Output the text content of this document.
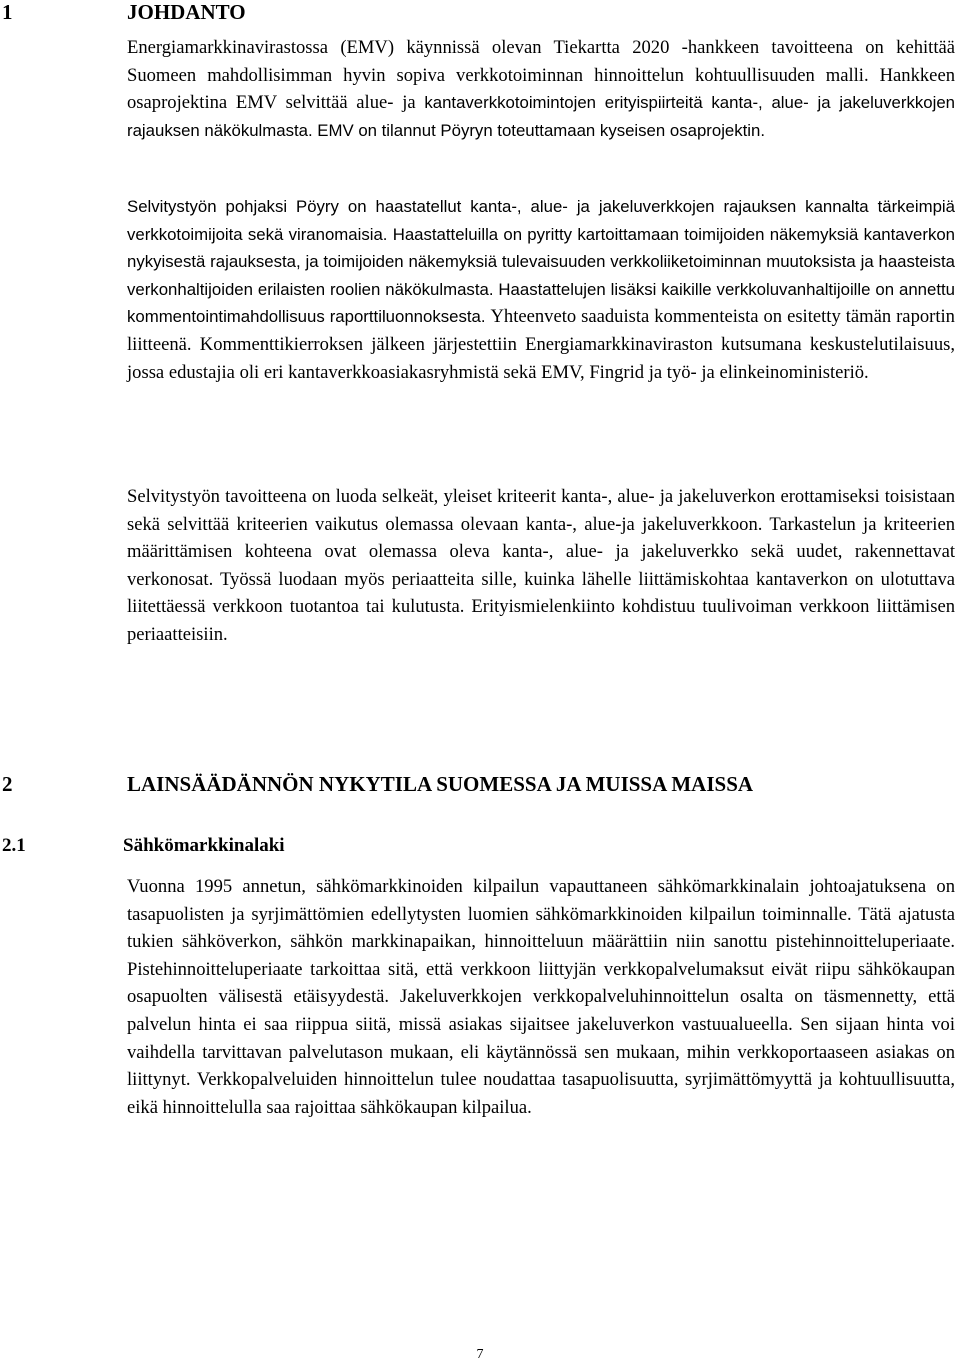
1	JOHDANTO

Energiamarkkinavirastossa (EMV) käynnissä olevan Tiekartta 2020 -hankkeen tavoitteena on kehittää Suomeen mahdollisimman hyvin sopiva verkkotoiminnan hinnoittelun kohtuullisuuden malli. Hankkeen osaprojektina EMV selvittää alue- ja kantaverkkotoimintojen erityispiirteitä kanta-, alue- ja jakeluverkkojen rajauksen näkökulmasta. EMV on tilannut Pöyryn toteuttamaan kyseisen osaprojektin.

Selvitystyön pohjaksi Pöyry on haastatellut kanta-, alue- ja jakeluverkkojen rajauksen kannalta tärkeimpiä verkkotoimijoita sekä viranomaisia. Haastatteluilla on pyritty kartoittamaan toimijoiden näkemyksiä kantaverkon nykyisestä rajauksesta, ja toimijoiden näkemyksiä tulevaisuuden verkkoliiketoiminnan muutoksista ja haasteista verkonhaltijoiden erilaisten roolien näkökulmasta. Haastattelujen lisäksi kaikille verkkoluvanhaltijoille on annettu kommentointimahdollisuus raporttiluonnoksesta. Yhteenveto saaduista kommenteista on esitetty tämän raportin liitteenä. Kommenttikierroksen jälkeen järjestettiin Energiamarkkinaviraston kutsumana keskustelutilaisuus, jossa edustajia oli eri kantaverkkoasiakasryhmistä sekä EMV, Fingrid ja työ- ja elinkeinoministeriö.

Selvitystyön tavoitteena on luoda selkeät, yleiset kriteerit kanta-, alue- ja jakeluverkon erottamiseksi toisistaan sekä selvittää kriteerien vaikutus olemassa olevaan kanta-, alue-ja jakeluverkkoon. Tarkastelun ja kriteerien määrittämisen kohteena ovat olemassa oleva kanta-, alue- ja jakeluverkko sekä uudet, rakennettavat verkonosat. Työssä luodaan myös periaatteita sille, kuinka lähelle liittämiskohtaa kantaverkon on ulotuttava liitettäessä verkkoon tuotantoa tai kulutusta. Erityismielenkiinto kohdistuu tuulivoiman verkkoon liittämisen periaatteisiin.

2	LAINSÄÄDÄNNÖN NYKYTILA SUOMESSA JA MUISSA MAISSA
2.1	Sähkömarkkinalaki

Vuonna 1995 annetun, sähkömarkkinoiden kilpailun vapauttaneen sähkömarkkinalain johtoajatuksena on tasapuolisten ja syrjimättömien edellytysten luomien sähkömarkkinoiden kilpailun toiminnalle. Tätä ajatusta tukien sähköverkon, sähkön markkinapaikan, hinnoitteluun määrättiin niin sanottu pistehinnoitteluperiaate. Pistehinnoitteluperiaate tarkoittaa sitä, että verkkoon liittyjän verkkopalvelumaksut eivät riipu sähkökaupan osapuolten välisestä etäisyydestä. Jakeluverkkojen verkkopalveluhinnoittelun osalta on täsmennetty, että palvelun hinta ei saa riippua siitä, missä asiakas sijaitsee jakeluverkon vastuualueella. Sen sijaan hinta voi vaihdella tarvittavan palvelutason mukaan, eli käytännössä sen mukaan, mihin verkkoportaaseen asiakas on liittynyt. Verkkopalveluiden hinnoittelun tulee noudattaa tasapuolisuutta, syrjimättömyyttä ja kohtuullisuutta, eikä hinnoittelulla saa rajoittaa sähkökaupan kilpailua.

7
